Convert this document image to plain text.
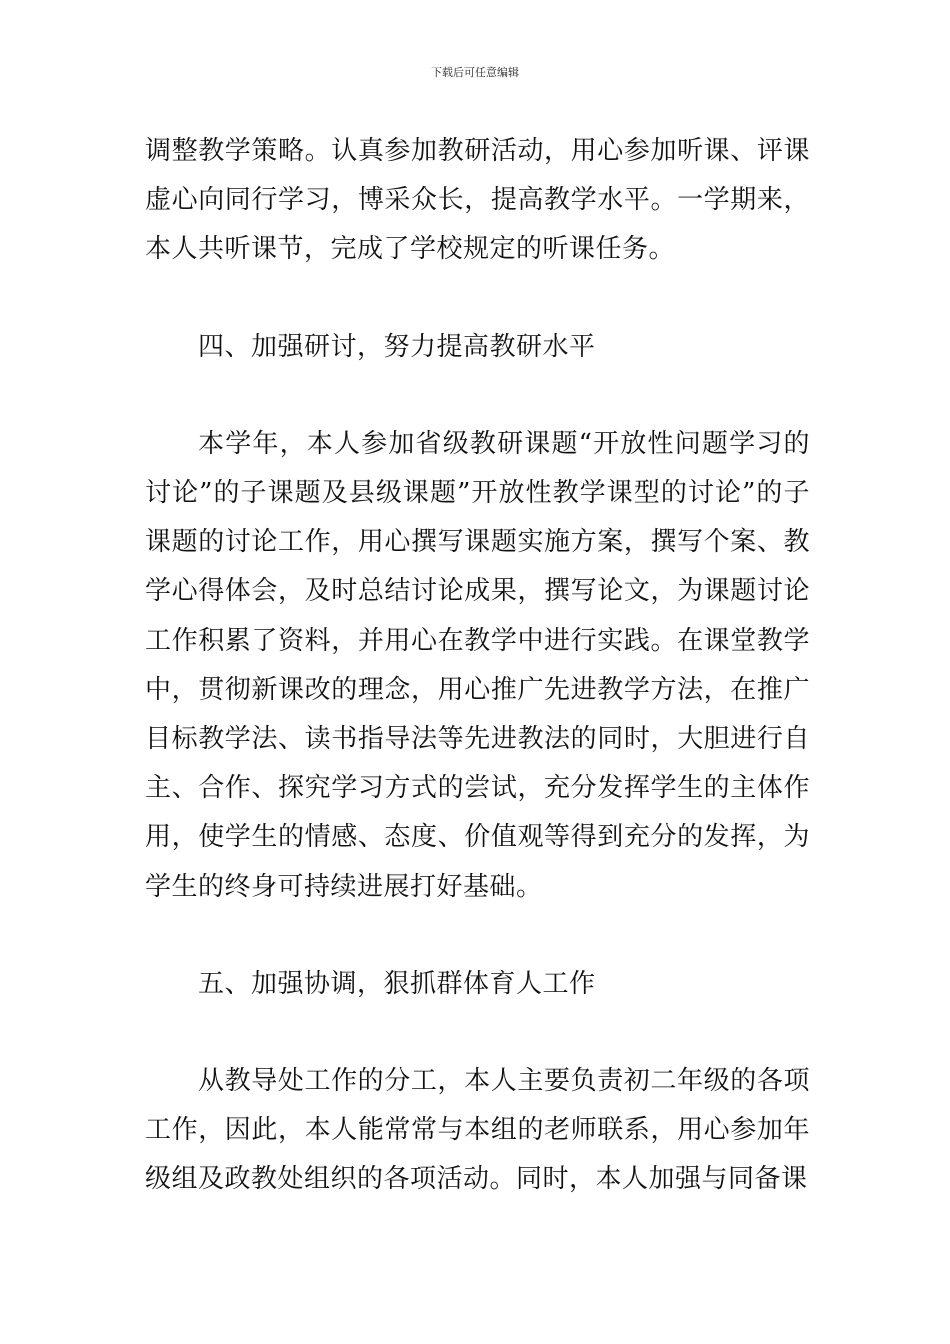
下载后可任意编辑

调整教学策略。认真参加教研活动，用心参加听课、评课虚心向同行学习，博采众长，提高教学水平。一学期来，本人共听课节，完成了学校规定的听课任务。

四、加强研讨，努力提高教研水平

本学年，本人参加省级教研课题“开放性问题学习的讨论”的子课题及县级课题”开放性教学课型的讨论”的子课题的讨论工作，用心撰写课题实施方案，撰写个案、教学心得体会，及时总结讨论成果，撰写论文，为课题讨论工作积累了资料，并用心在教学中进行实践。在课堂教学中，贯彻新课改的理念，用心推广先进教学方法，在推广目标教学法、读书指导法等先进教法的同时，大胆进行自主、合作、探究学习方式的尝试，充分发挥学生的主体作用，使学生的情感、态度、价值观等得到充分的发挥，为学生的终身可持续进展打好基础。

五、加强协调，狠抓群体育人工作

从教导处工作的分工，本人主要负责初二年级的各项工作，因此，本人能常常与本组的老师联系，用心参加年级组及政教处组织的各项活动。同时，本人加强与同备课
